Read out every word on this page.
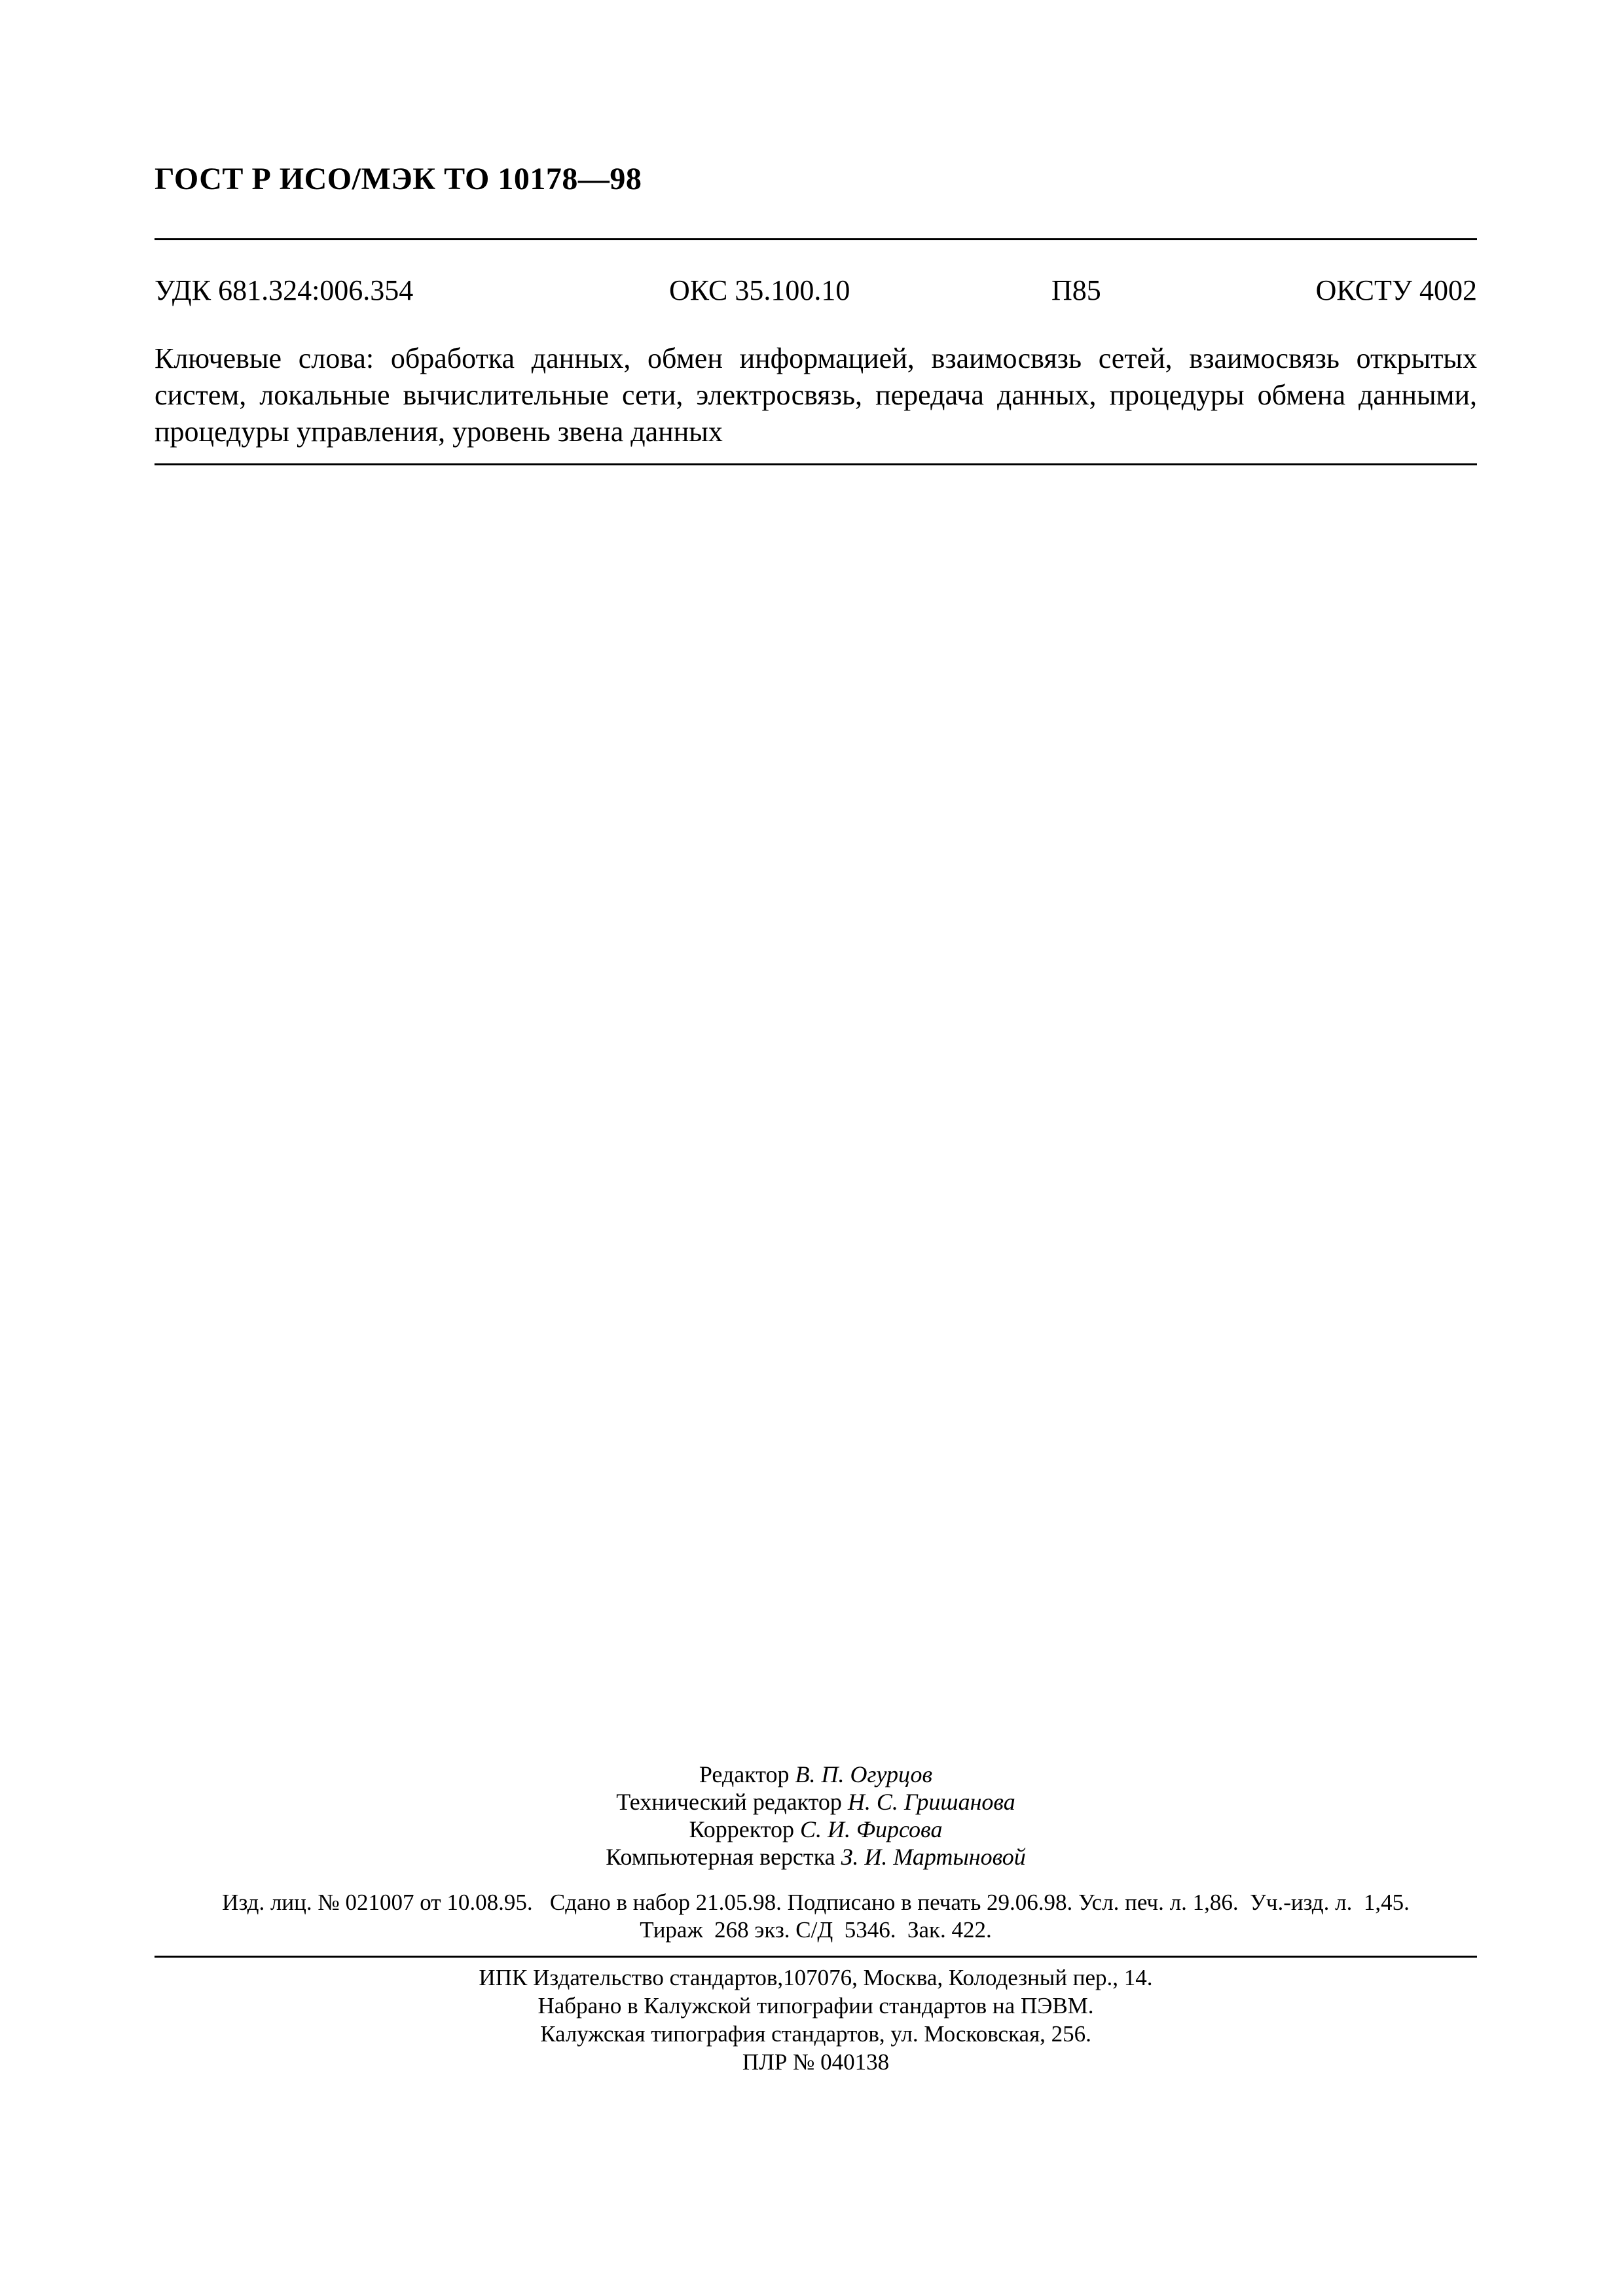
ГОСТ Р ИСО/МЭК ТО 10178—98
УДК 681.324:006.354	ОКС 35.100.10	П85	ОКСТУ 4002

Ключевые слова: обработка данных, обмен информацией, взаимосвязь сетей, взаимосвязь открытых систем, локальные вычислительные сети, электросвязь, передача данных, процедуры обмена данными, процедуры управления, уровень звена данных

Редактор В. П. Огурцов
Технический редактор Н. С. Гришанова
Корректор С. И. Фирсова
Компьютерная верстка З. И. Мартыновой
Изд. лиц. № 021007 от 10.08.95.   Сдано в набор 21.05.98. Подписано в печать 29.06.98. Усл. печ. л. 1,86.  Уч.-изд. л.  1,45.
Тираж  268 экз. С/Д  5346.  Зак. 422.
ИПК Издательство стандартов,107076, Москва, Колодезный пер., 14.
Набрано в Калужской типографии стандартов на ПЭВМ.
Калужская типография стандартов, ул. Московская, 256.
ПЛР № 040138
